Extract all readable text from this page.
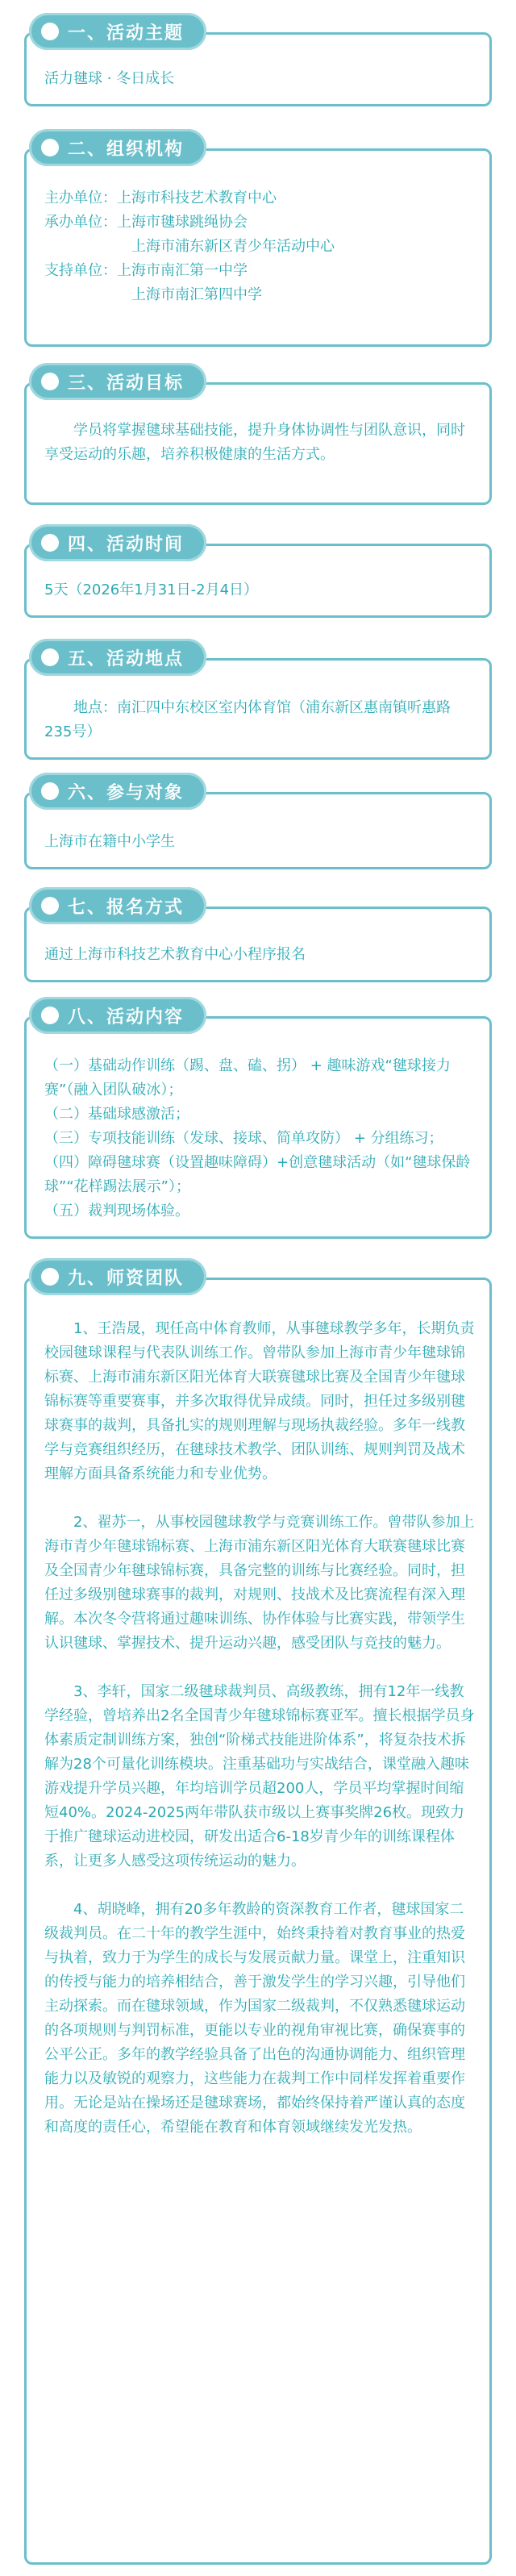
活力毽球 · 冬日成长
一、活动主题
主办单位： 上海市科技艺术教育中心
承办单位： 上海市毽球跳绳协会
上海市浦东新区青少年活动中心
支持单位： 上海市南汇第一中学
上海市南汇第四中学
二、组织机构

学员将掌握毽球基础技能，提升身体协调性与团队意识，同时享受运动的乐趣，培养积极健康的生活方式。

三、活动目标
5天（2026年1月31日-2月4日）
四、活动时间

地点：南汇四中东校区室内体育馆（浦东新区惠南镇听惠路235号）

五、活动地点
上海市在籍中小学生
六、参与对象
通过上海市科技艺术教育中心小程序报名
七、报名方式
（一）基础动作训练（踢、盘、磕、拐） + 趣味游戏“毽球接力赛”（融入团队破冰）；
（二）基础球感激活；
（三）专项技能训练（发球、接球、简单攻防） + 分组练习；
（四）障碍毽球赛（设置趣味障碍）+创意毽球活动（如“毽球保龄球”“花样踢法展示”）；
（五）裁判现场体验。
八、活动内容

1、王浩晟，现任高中体育教师，从事毽球教学多年，长期负责校园毽球课程与代表队训练工作。曾带队参加上海市青少年毽球锦标赛、上海市浦东新区阳光体育大联赛毽球比赛及全国青少年毽球锦标赛等重要赛事，并多次取得优异成绩。同时，担任过多级别毽球赛事的裁判，具备扎实的规则理解与现场执裁经验。多年一线教学与竞赛组织经历，在毽球技术教学、团队训练、规则判罚及战术理解方面具备系统能力和专业优势。

2、翟苏一，从事校园毽球教学与竞赛训练工作。曾带队参加上海市青少年毽球锦标赛、上海市浦东新区阳光体育大联赛毽球比赛及全国青少年毽球锦标赛，具备完整的训练与比赛经验。同时，担任过多级别毽球赛事的裁判，对规则、技战术及比赛流程有深入理解。本次冬令营将通过趣味训练、协作体验与比赛实践，带领学生认识毽球、掌握技术、提升运动兴趣，感受团队与竞技的魅力。

3、李轩，国家二级毽球裁判员、高级教练，拥有12年一线教学经验，曾培养出2名全国青少年毽球锦标赛亚军。擅长根据学员身体素质定制训练方案，独创“阶梯式技能进阶体系”，将复杂技术拆解为28个可量化训练模块。注重基础功与实战结合，课堂融入趣味游戏提升学员兴趣，年均培训学员超200人，学员平均掌握时间缩短40%。2024-2025两年带队获市级以上赛事奖牌26枚。现致力于推广毽球运动进校园，研发出适合6-18岁青少年的训练课程体系，让更多人感受这项传统运动的魅力。

4、胡晓峰，拥有20多年教龄的资深教育工作者，毽球国家二级裁判员。在二十年的教学生涯中，始终秉持着对教育事业的热爱与执着，致力于为学生的成长与发展贡献力量。课堂上，注重知识的传授与能力的培养相结合，善于激发学生的学习兴趣，引导他们主动探索。而在毽球领域，作为国家二级裁判，不仅熟悉毽球运动的各项规则与判罚标准，更能以专业的视角审视比赛，确保赛事的公平公正。多年的教学经验具备了出色的沟通协调能力、组织管理能力以及敏锐的观察力，这些能力在裁判工作中同样发挥着重要作用。无论是站在操场还是毽球赛场，都始终保持着严谨认真的态度和高度的责任心，希望能在教育和体育领域继续发光发热。

九、师资团队
